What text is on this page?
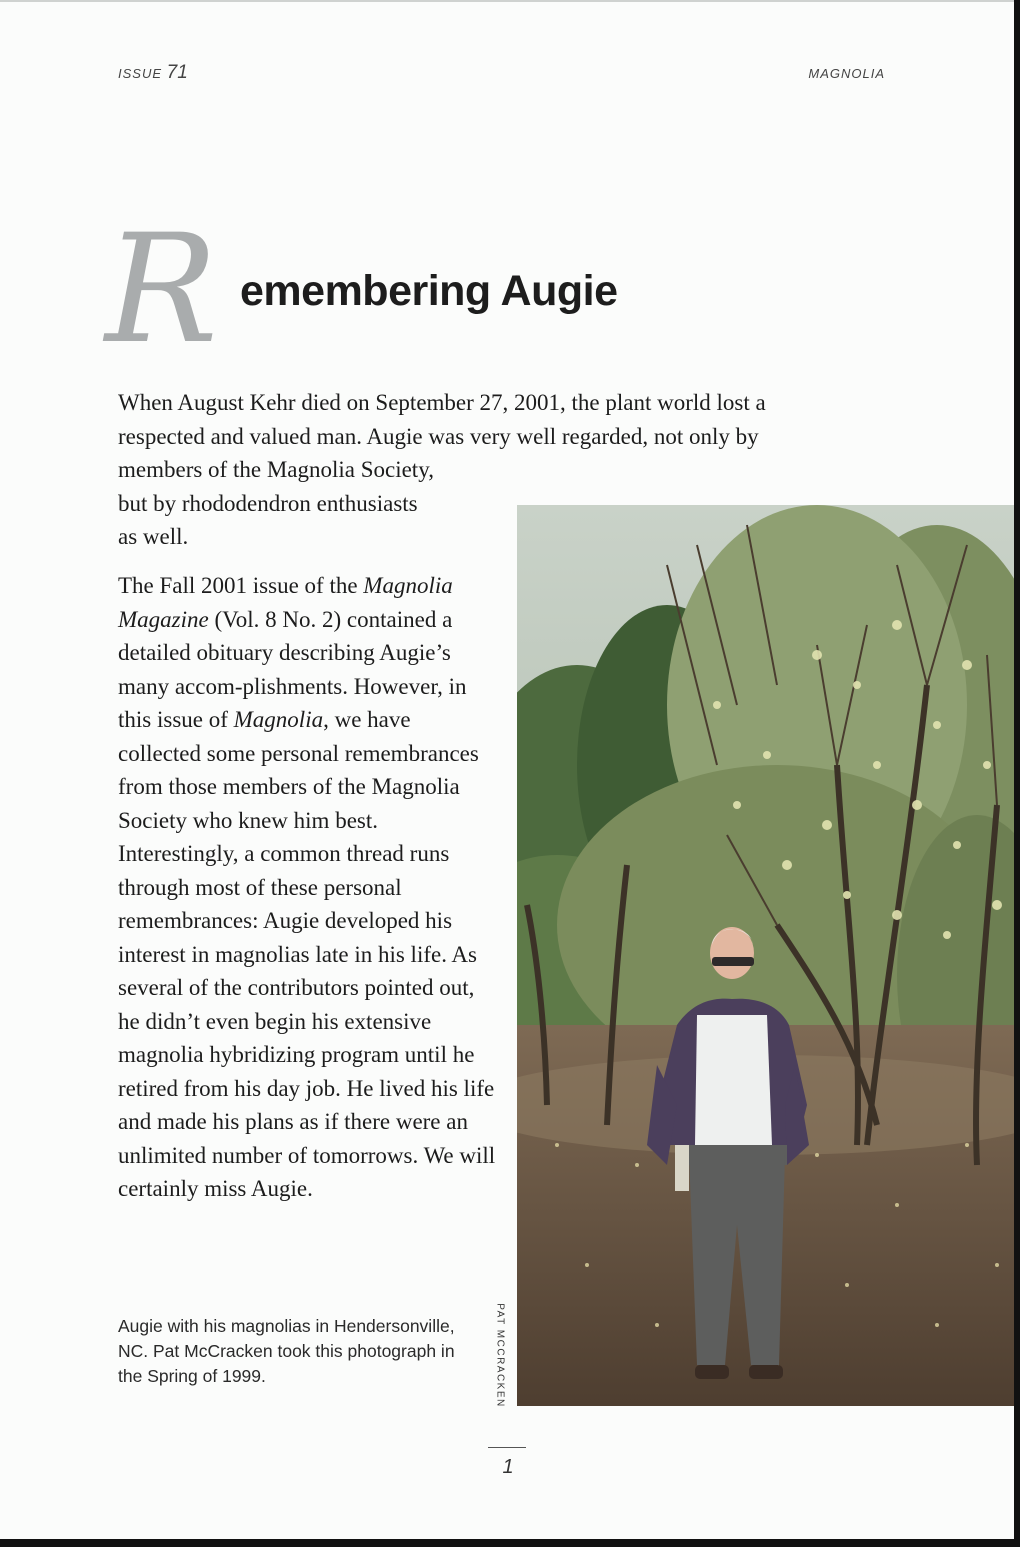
ISSUE 71	MAGNOLIA
R emembering Augie

When August Kehr died on September 27, 2001, the plant world lost a
respected and valued man. Augie was very well regarded, not only by
members of the Magnolia Society,
but by rhododendron enthusiasts
as well.

The Fall 2001 issue of the Magnolia Magazine (Vol. 8 No. 2) contained a detailed obituary describing Augie’s many accom-plishments. However, in this issue of Magnolia, we have collected some personal remembrances from those members of the Magnolia Society who knew him best. Interestingly, a common thread runs through most of these personal remembrances: Augie developed his interest in magnolias late in his life. As several of the contributors pointed out, he didn’t even begin his extensive magnolia hybridizing program until he retired from his day job. He lived his life and made his plans as if there were an unlimited number of tomorrows. We will certainly miss Augie.

Augie with his magnolias in Hendersonville, NC. Pat McCracken took this photograph in the Spring of 1999.	PAT MCCRACKEN
1
